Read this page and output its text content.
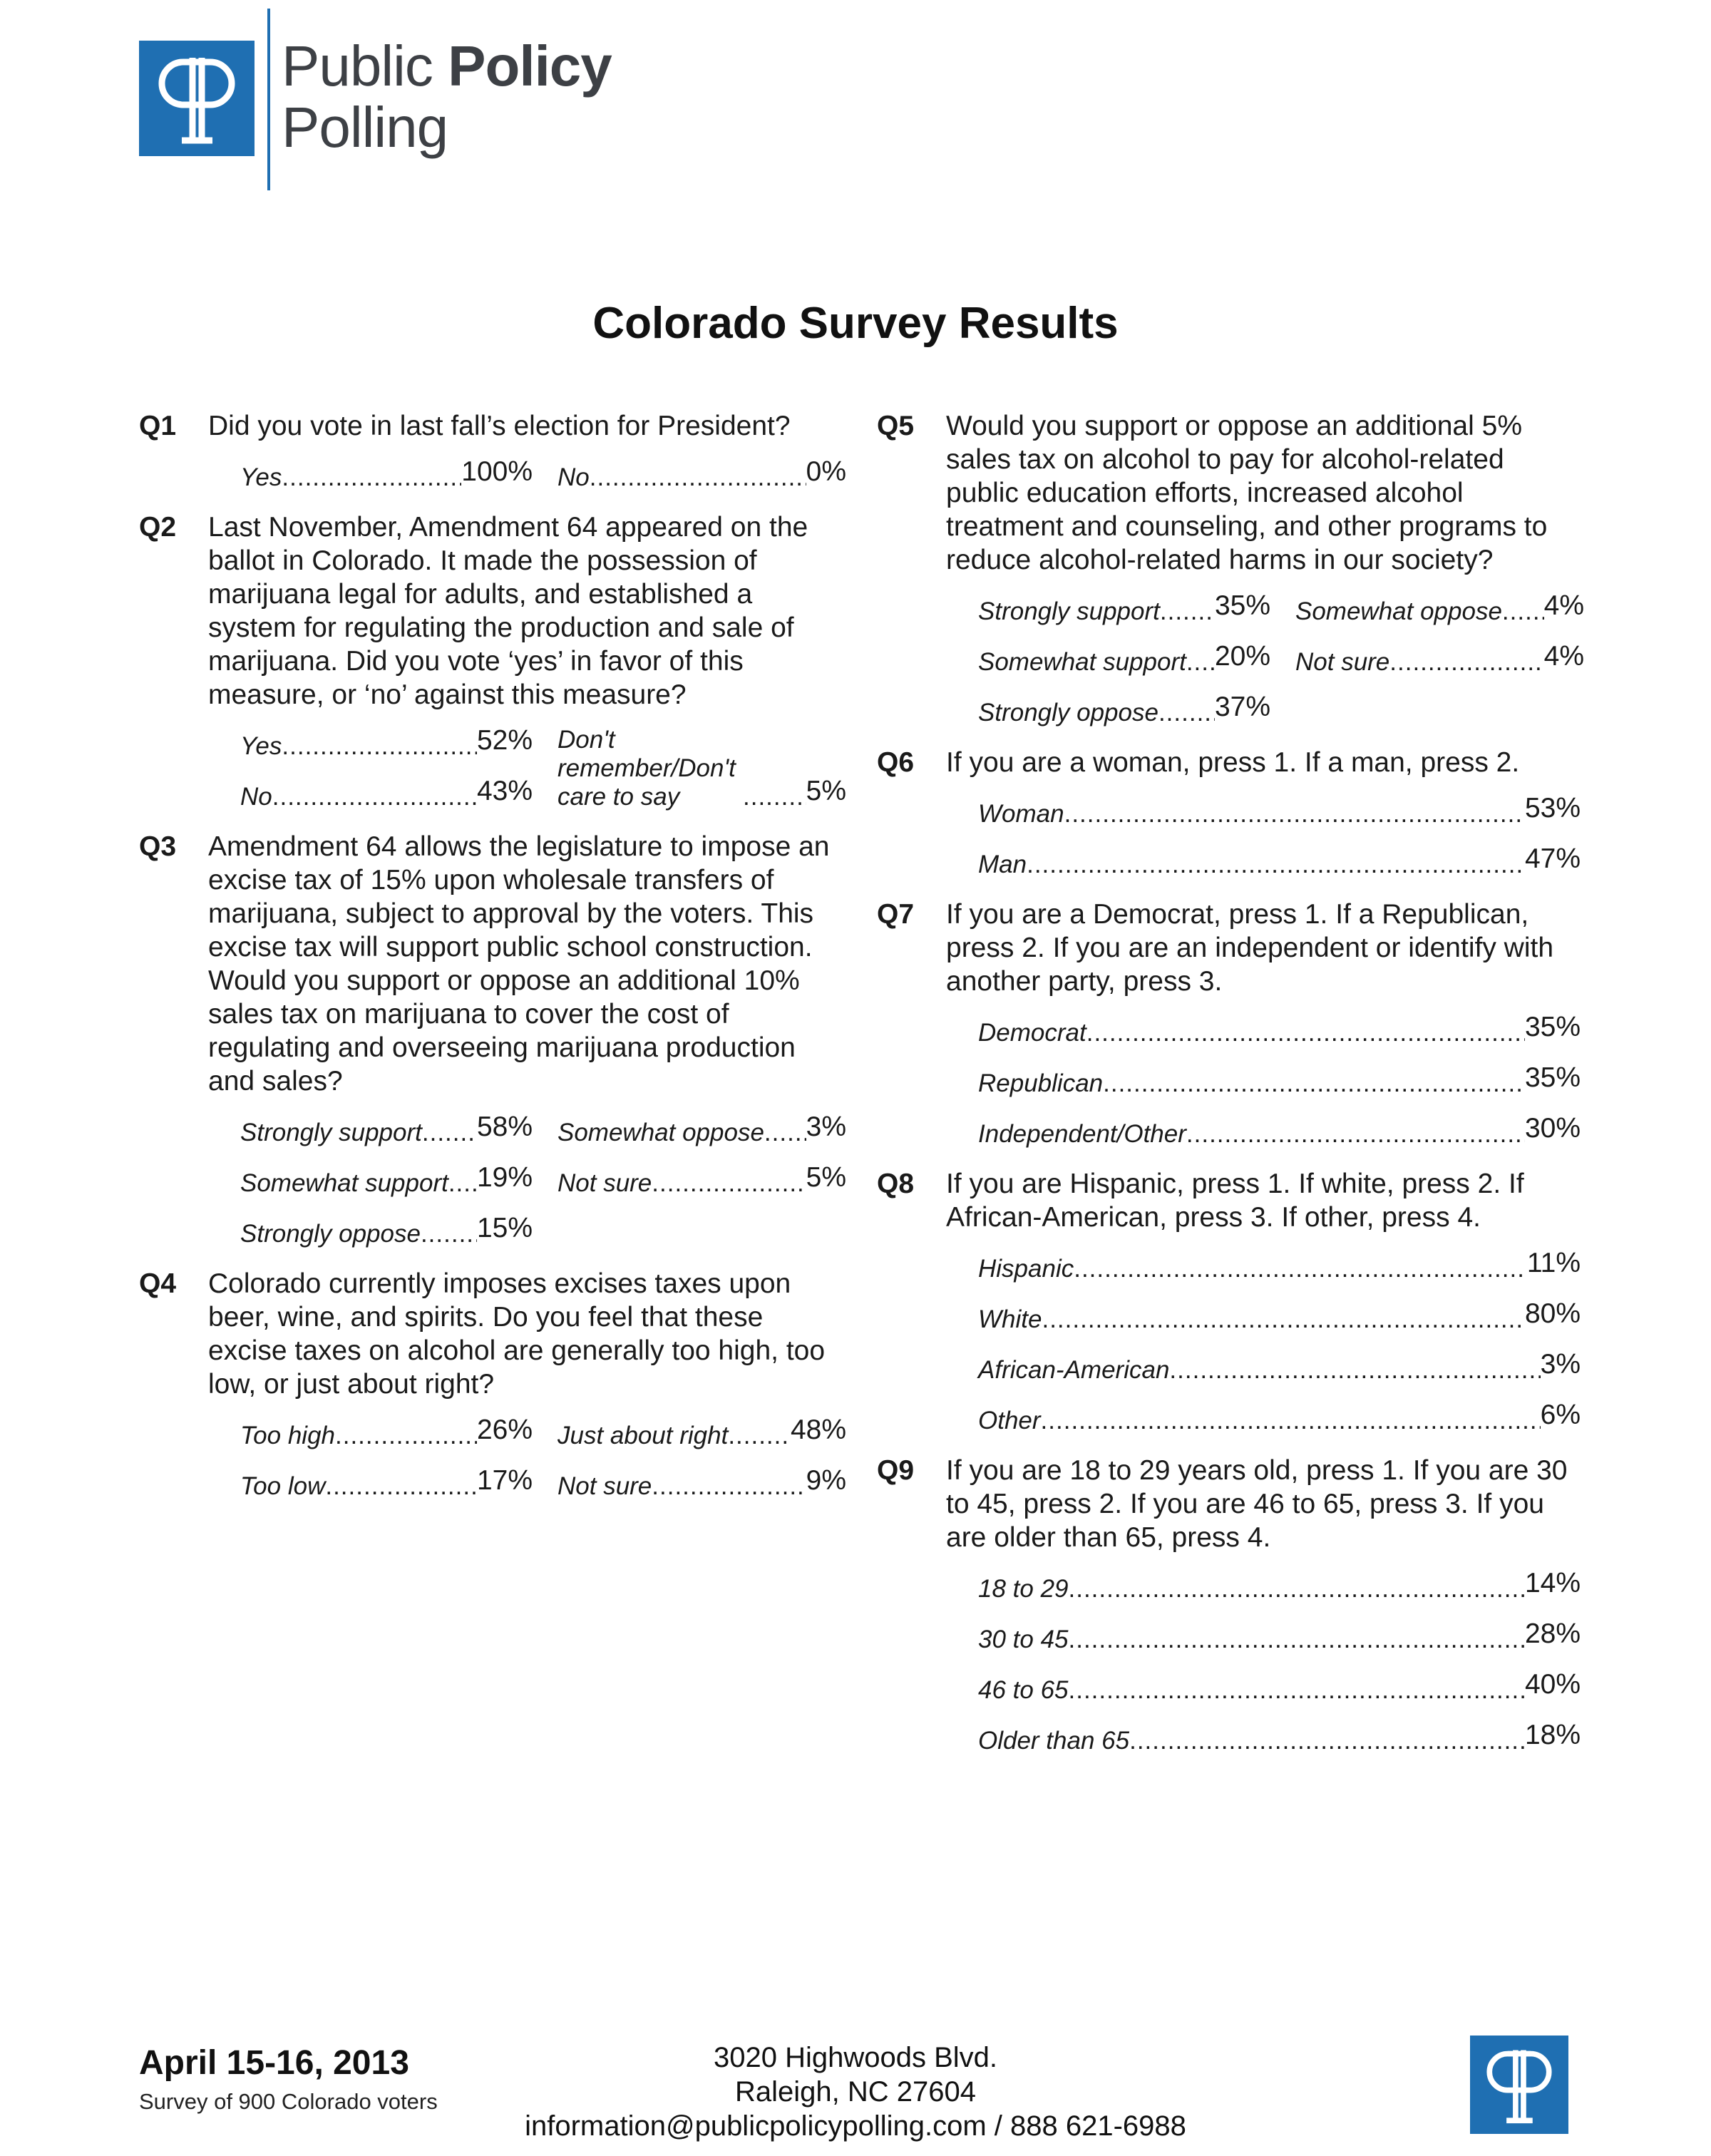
Public Policy
Polling
Colorado Survey Results
Q1 Did you vote in last fall’s election for President?
Yes .....	100% No .....	0%
Q2 Last November, Amendment 64 appeared on the ballot in Colorado. It made the possession of marijuana legal for adults, and established a system for regulating the production and sale of marijuana. Did you vote ‘yes’ in favor of this measure, or ‘no’ against this measure?
Yes .....	52%
No .....	43%
Don't remember/Don't care to say .....	5%
Q3 Amendment 64 allows the legislature to impose an excise tax of 15% upon wholesale transfers of marijuana, subject to approval by the voters. This excise tax will support public school construction. Would you support or oppose an additional 10% sales tax on marijuana to cover the cost of regulating and overseeing marijuana production and sales?
Strongly support ..... 58% Somewhat oppose ..... 3%
Somewhat support ..... 19% Not sure .....	5%
Strongly oppose ..... 15%
Q4 Colorado currently imposes excises taxes upon beer, wine, and spirits. Do you feel that these excise taxes on alcohol are generally too high, too low, or just about right?
Too high .....	26% Just about right ..... 48%
Too low .....	17% Not sure .....	9%
Q5 Would you support or oppose an additional 5% sales tax on alcohol to pay for alcohol-related public education efforts, increased alcohol treatment and counseling, and other programs to reduce alcohol-related harms in our society?
Strongly support ..... 35% Somewhat oppose ..... 4%
Somewhat support ..... 20% Not sure .....	4%
Strongly oppose ..... 37%
Q6 If you are a woman, press 1. If a man, press 2.
Woman .....	53%
Man .....	47%
Q7 If you are a Democrat, press 1. If a Republican, press 2. If you are an independent or identify with another party, press 3.
Democrat .....	35%
Republican .....	35%
Independent/Other .....	30%
Q8 If you are Hispanic, press 1. If white, press 2. If African-American, press 3. If other, press 4.
Hispanic .....	11%
White .....	80%
African-American .....	3%
Other .....	6%
Q9 If you are 18 to 29 years old, press 1. If you are 30 to 45, press 2. If you are 46 to 65, press 3. If you are older than 65, press 4.
18 to 29 .....	14%
30 to 45 .....	28%
46 to 65 .....	40%
Older than 65 .....	18%
April 15-16, 2013
Survey of 900 Colorado voters
3020 Highwoods Blvd.
Raleigh, NC 27604
information@publicpolicypolling.com / 888 621-6988
